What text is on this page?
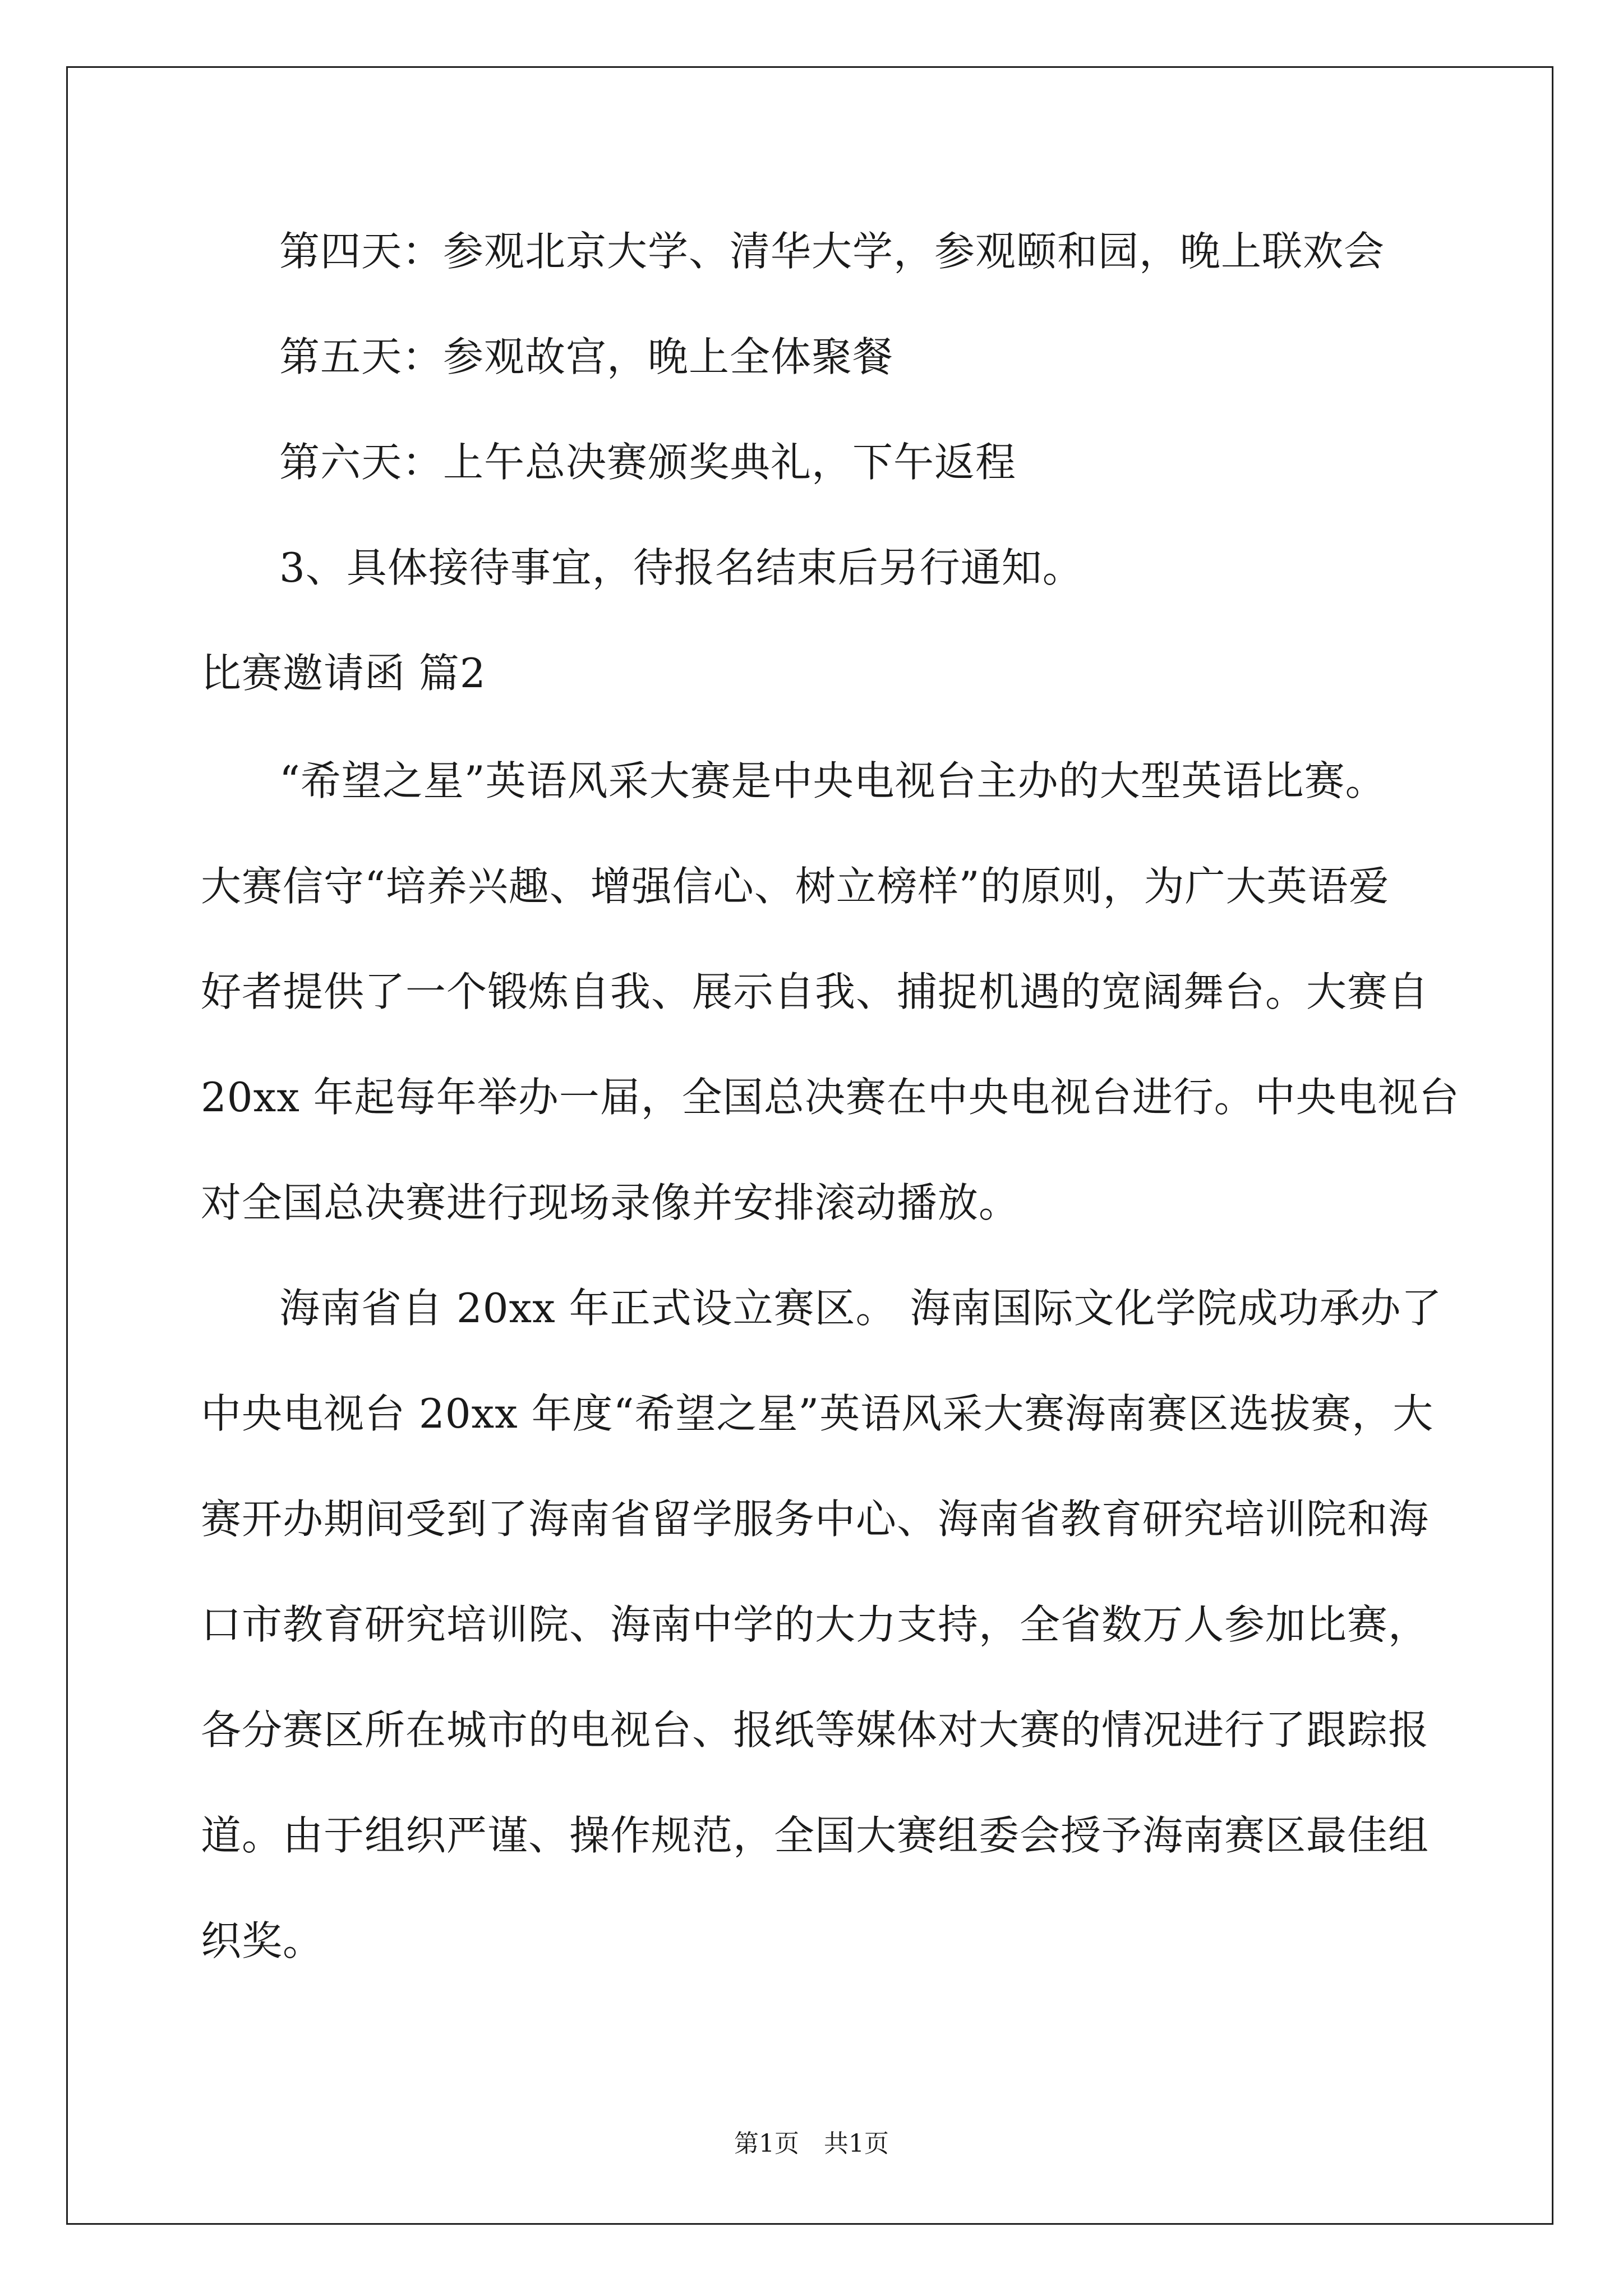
第四天：参观北京大学、清华大学，参观颐和园，晚上联欢会
第五天：参观故宫，晚上全体聚餐
第六天：上午总决赛颁奖典礼，下午返程
3、具体接待事宜，待报名结束后另行通知。
比赛邀请函 篇2
“希望之星”英语风采大赛是中央电视台主办的大型英语比赛。
大赛信守“培养兴趣、增强信心、树立榜样”的原则，为广大英语爱
好者提供了一个锻炼自我、展示自我、捕捉机遇的宽阔舞台。大赛自
20xx 年起每年举办一届，全国总决赛在中央电视台进行。中央电视台
对全国总决赛进行现场录像并安排滚动播放。
海南省自 20xx 年正式设立赛区。 海南国际文化学院成功承办了
中央电视台 20xx 年度“希望之星”英语风采大赛海南赛区选拔赛，大
赛开办期间受到了海南省留学服务中心、海南省教育研究培训院和海
口市教育研究培训院、海南中学的大力支持，全省数万人参加比赛，
各分赛区所在城市的电视台、报纸等媒体对大赛的情况进行了跟踪报
道。由于组织严谨、操作规范，全国大赛组委会授予海南赛区最佳组
织奖。
第1页　共1页
